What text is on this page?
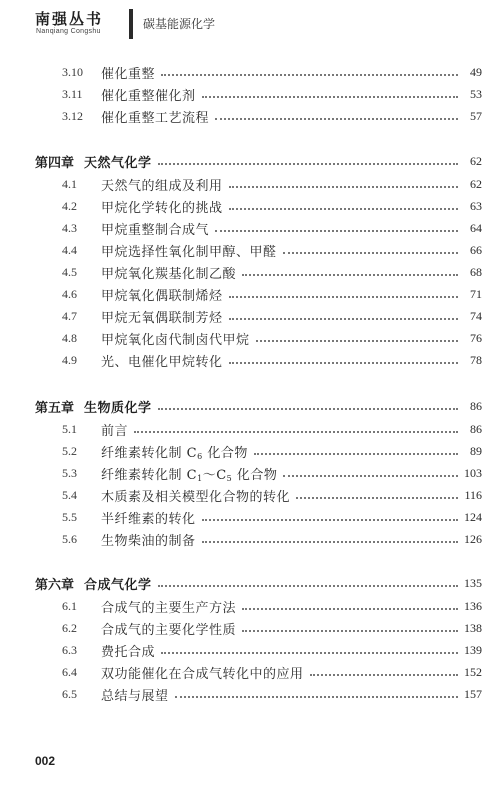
南强丛书
Nanqiang Congshu
碳基能源化学
3.10	催化重整	49
3.11	催化重整催化剂	53
3.12	催化重整工艺流程	57
第四章 天然气化学	62
4.1	天然气的组成及利用	62
4.2	甲烷化学转化的挑战	63
4.3	甲烷重整制合成气	64
4.4	甲烷选择性氧化制甲醇、甲醛	66
4.5	甲烷氧化羰基化制乙酸	68
4.6	甲烷氧化偶联制烯烃	71
4.7	甲烷无氧偶联制芳烃	74
4.8	甲烷氧化卤代制卤代甲烷	76
4.9	光、电催化甲烷转化	78
第五章 生物质化学	86
5.1	前言	86
5.2	纤维素转化制 $C_6$ 化合物	89
5.3	纤维素转化制 $C_1\sim C_5$ 化合物	103
5.4	木质素及相关模型化合物的转化	116
5.5	半纤维素的转化	124
5.6	生物柴油的制备	126
第六章 合成气化学	135
6.1	合成气的主要生产方法	136
6.2	合成气的主要化学性质	138
6.3	费托合成	139
6.4	双功能催化在合成气转化中的应用	152
6.5	总结与展望	157
002
